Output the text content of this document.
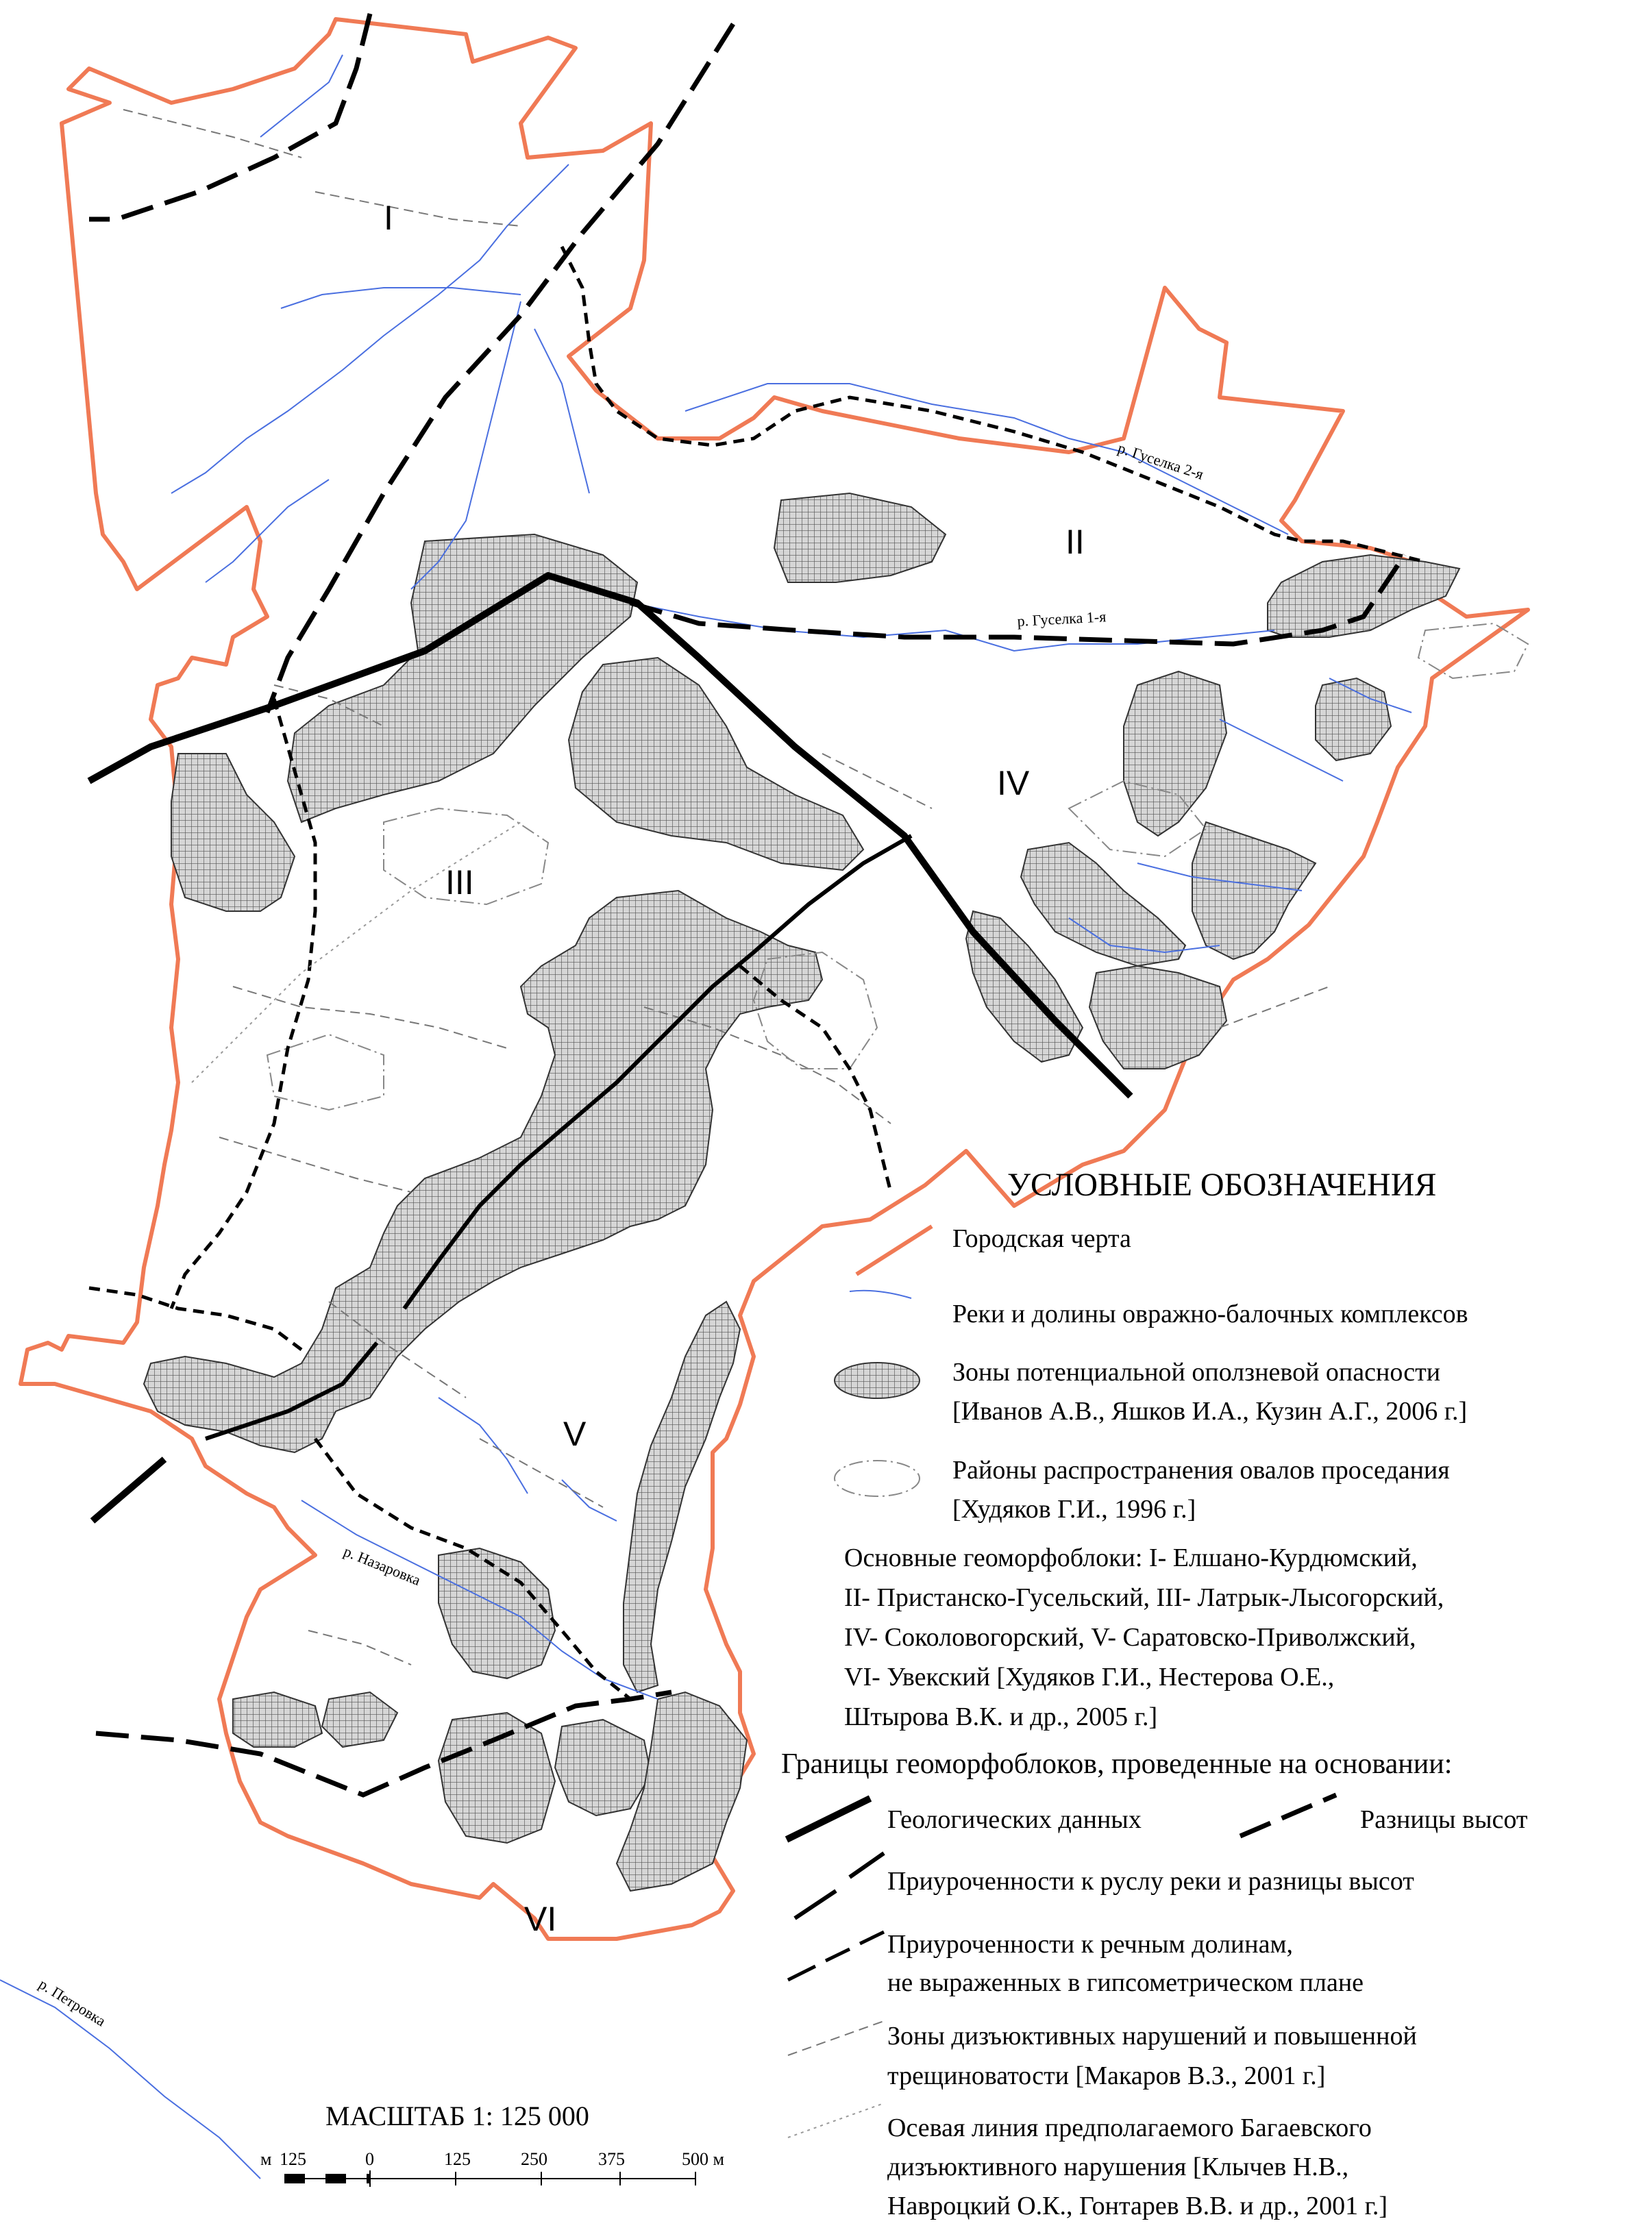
I
II
III
IV
V
VI
р. Гуселка 2-я
р. Гуселка 1-я
р. Назаровка
р. Петровка
УСЛОВНЫЕ ОБОЗНАЧЕНИЯ
Городская черта
Реки и долины овражно-балочных комплексов
Зоны потенциальной оползневой опасности
[Иванов А.В., Яшков И.А., Кузин А.Г., 2006 г.]
Районы распространения овалов проседания
[Худяков Г.И., 1996 г.]
Основные геоморфоблоки: I- Елшано-Курдюмский,
II- Пристанско-Гусельский, III- Латрык-Лысогорский,
IV- Соколовогорский, V- Саратовско-Приволжский,
VI- Увекский [Худяков Г.И., Нестерова О.Е.,
Штырова В.К. и др., 2005 г.]
Границы геоморфоблоков, проведенные на основании:
Геологических данных	Разницы высот
Приуроченности к руслу реки и разницы высот
Приуроченности к речным долинам,
не выраженных в гипсометрическом плане
Зоны дизъюктивных нарушений и повышенной
трещиноватости [Макаров В.З., 2001 г.]
Осевая линия предполагаемого Багаевского
дизъюктивного нарушения [Клычев Н.В.,
Навроцкий О.К., Гонтарев В.В. и др., 2001 г.]
МАСШТАБ 1: 125 000
м 125	0	125	250	375	500 м
